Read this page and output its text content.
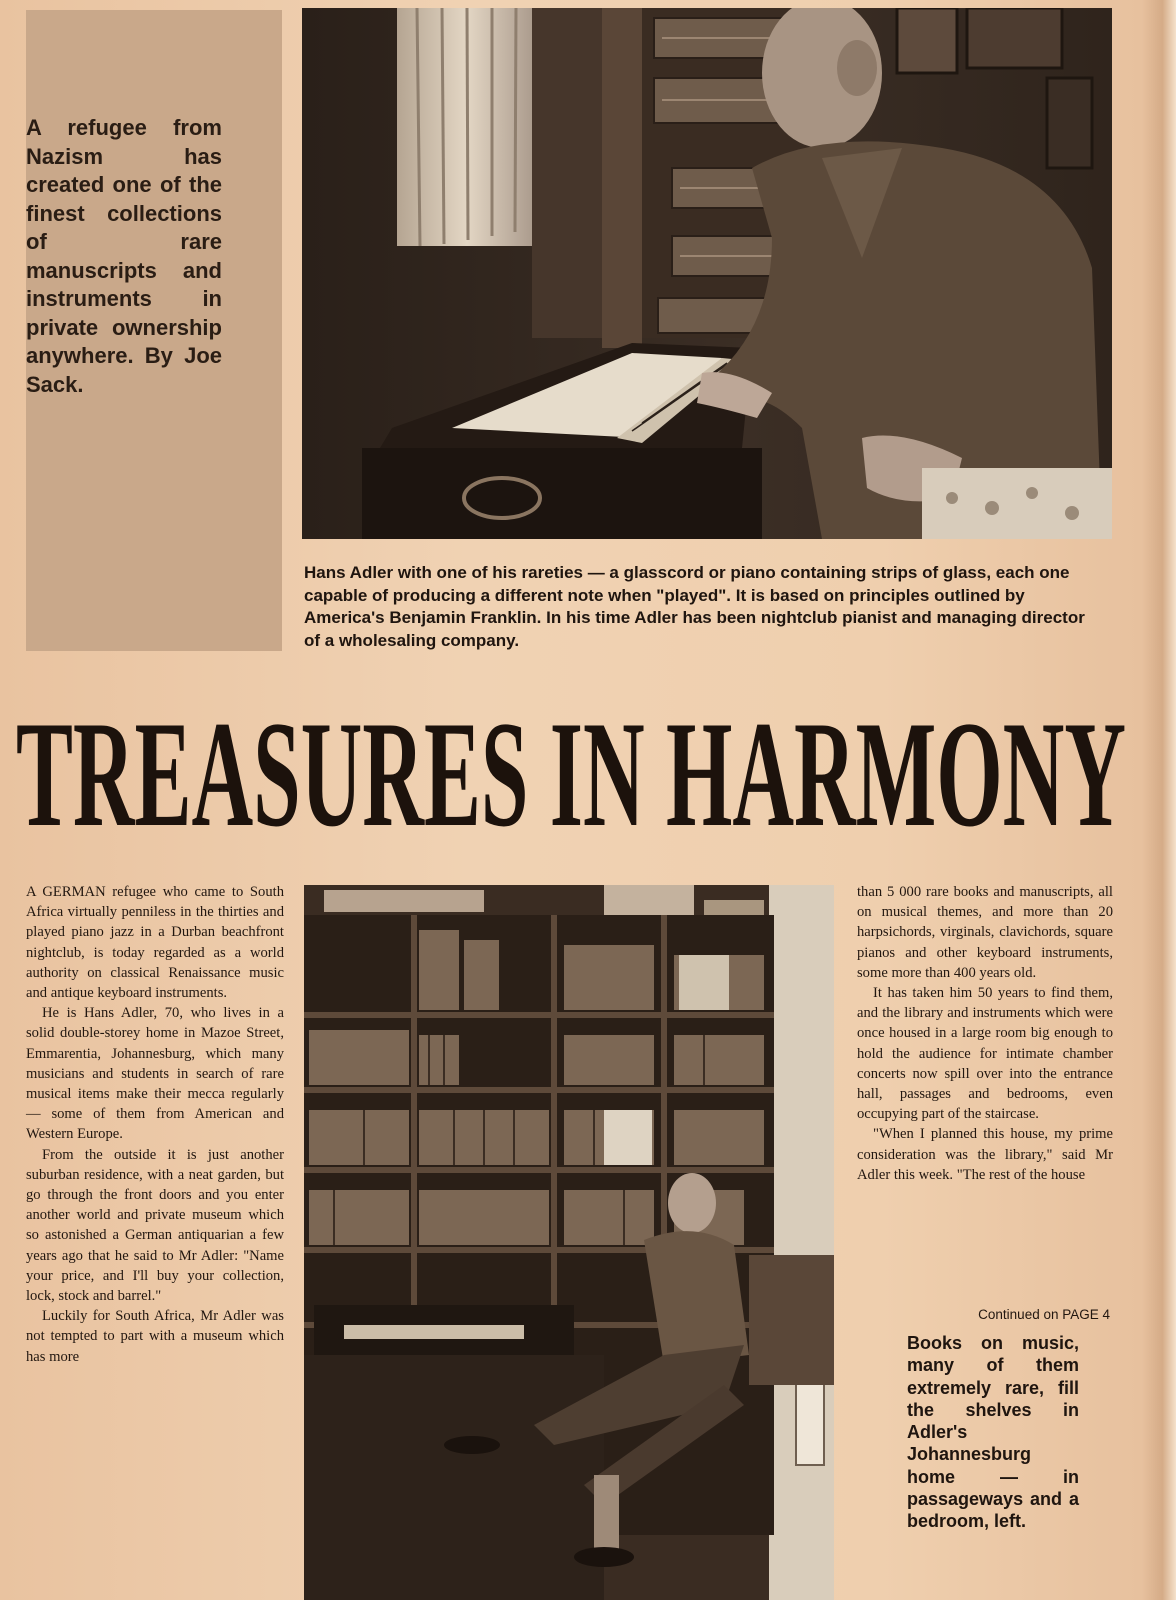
A refugee from Nazism has created one of the finest collections of rare manuscripts and instruments in private ownership anywhere. By Joe Sack.

Hans Adler with one of his rareties — a glasscord or piano containing strips of glass, each one capable of producing a different note when "played". It is based on principles outlined by America's Benjamin Franklin. In his time Adler has been nightclub pianist and managing director of a wholesaling company.

TREASURES IN HARMONY

A GERMAN refugee who came to South Africa virtually penniless in the thirties and played piano jazz in a Durban beachfront nightclub, is today regarded as a world authority on classical Renaissance music and antique keyboard instruments.

He is Hans Adler, 70, who lives in a solid double-storey home in Mazoe Street, Emmarentia, Johannesburg, which many musicians and students in search of rare musical items make their mecca regularly — some of them from American and Western Europe.

From the outside it is just another suburban residence, with a neat garden, but go through the front doors and you enter another world and private museum which so astonished a German antiquarian a few years ago that he said to Mr Adler: "Name your price, and I'll buy your collection, lock, stock and barrel."

Luckily for South Africa, Mr Adler was not tempted to part with a museum which has more

than 5 000 rare books and manuscripts, all on musical themes, and more than 20 harpsichords, virginals, clavichords, square pianos and other keyboard instruments, some more than 400 years old.

It has taken him 50 years to find them, and the library and instruments which were once housed in a large room big enough to hold the audience for intimate chamber concerts now spill over into the entrance hall, passages and bedrooms, even occupying part of the staircase.

"When I planned this house, my prime consideration was the library," said Mr Adler this week. "The rest of the house

Continued on PAGE 4

Books on music, many of them extremely rare, fill the shelves in Adler's Johannesburg home — in passageways and a bedroom, left.
